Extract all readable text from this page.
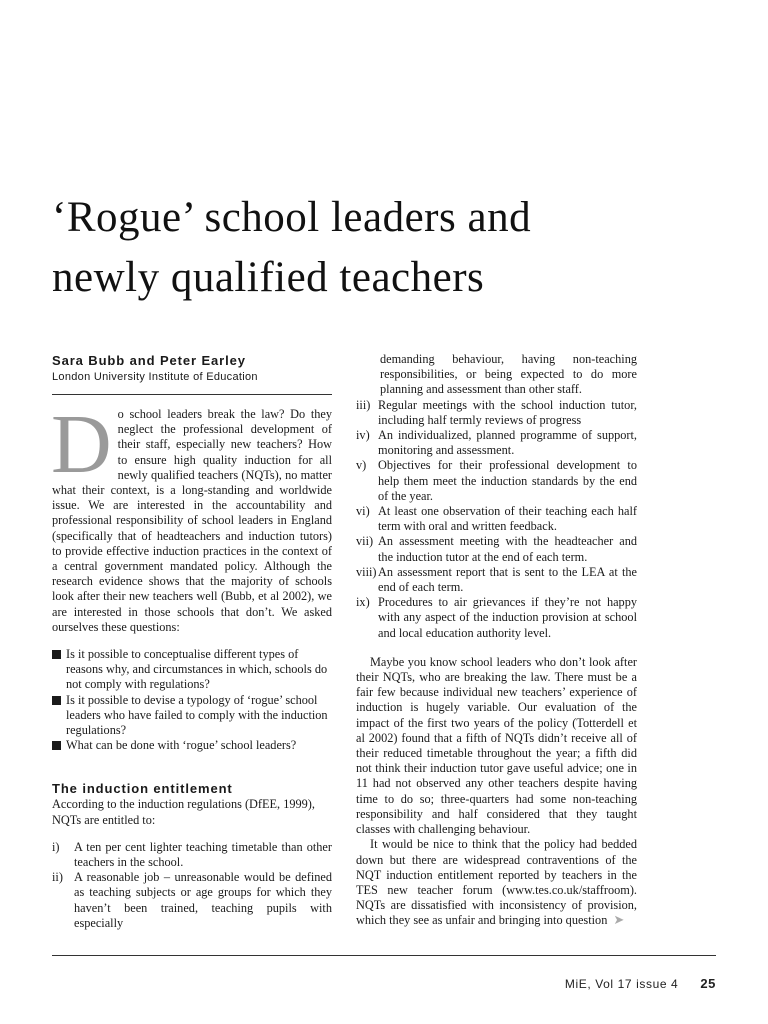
‘Rogue’ school leaders and
newly qualified teachers
Sara Bubb and Peter Earley
London University Institute of Education
D o school leaders break the law? Do they neglect the professional development of their staff, especially new teachers? How to ensure high quality induction for all newly qualified teachers (NQTs), no matter what their context, is a long-standing and worldwide issue. We are interested in the accountability and professional responsibility of school leaders in England (specifically that of headteachers and induction tutors) to provide effective induction practices in the context of a central government mandated policy. Although the research evidence shows that the majority of schools look after their new teachers well (Bubb, et al 2002), we are interested in those schools that don’t. We asked ourselves these questions:

Is it possible to conceptualise different types of reasons why, and circumstances in which, schools do not comply with regulations?
Is it possible to devise a typology of ‘rogue’ school leaders who have failed to comply with the induction regulations?
What can be done with ‘rogue’ school leaders?
The induction entitlement

According to the induction regulations (DfEE, 1999), NQTs are entitled to:

i) A ten per cent lighter teaching timetable than other teachers in the school.
ii) A reasonable job – unreasonable would be defined as teaching subjects or age groups for which they haven’t been trained, teaching pupils with especially
demanding behaviour, having non-teaching responsibilities, or being expected to do more planning and assessment than other staff.
iii) Regular meetings with the school induction tutor, including half termly reviews of progress
iv) An individualized, planned programme of support, monitoring and assessment.
v) Objectives for their professional development to help them meet the induction standards by the end of the year.
vi) At least one observation of their teaching each half term with oral and written feedback.
vii) An assessment meeting with the headteacher and the induction tutor at the end of each term.
viii) An assessment report that is sent to the LEA at the end of each term.
ix) Procedures to air grievances if they’re not happy with any aspect of the induction provision at school and local education authority level.

Maybe you know school leaders who don’t look after their NQTs, who are breaking the law. There must be a fair few because individual new teachers’ experience of induction is hugely variable. Our evaluation of the impact of the first two years of the policy (Totterdell et al 2002) found that a fifth of NQTs didn’t receive all of their reduced timetable throughout the year; a fifth did not think their induction tutor gave useful advice; one in 11 had not observed any other teachers despite having time to do so; three-quarters had some non-teaching responsibility and half considered that they taught classes with challenging behaviour.

It would be nice to think that the policy had bedded down but there are widespread contraventions of the NQT induction entitlement reported by teachers in the TES new teacher forum (www.tes.co.uk/staffroom). NQTs are dissatisfied with inconsistency of provision, which they see as unfair and bringing into question ➤

MiE, Vol 17 issue 4 25
